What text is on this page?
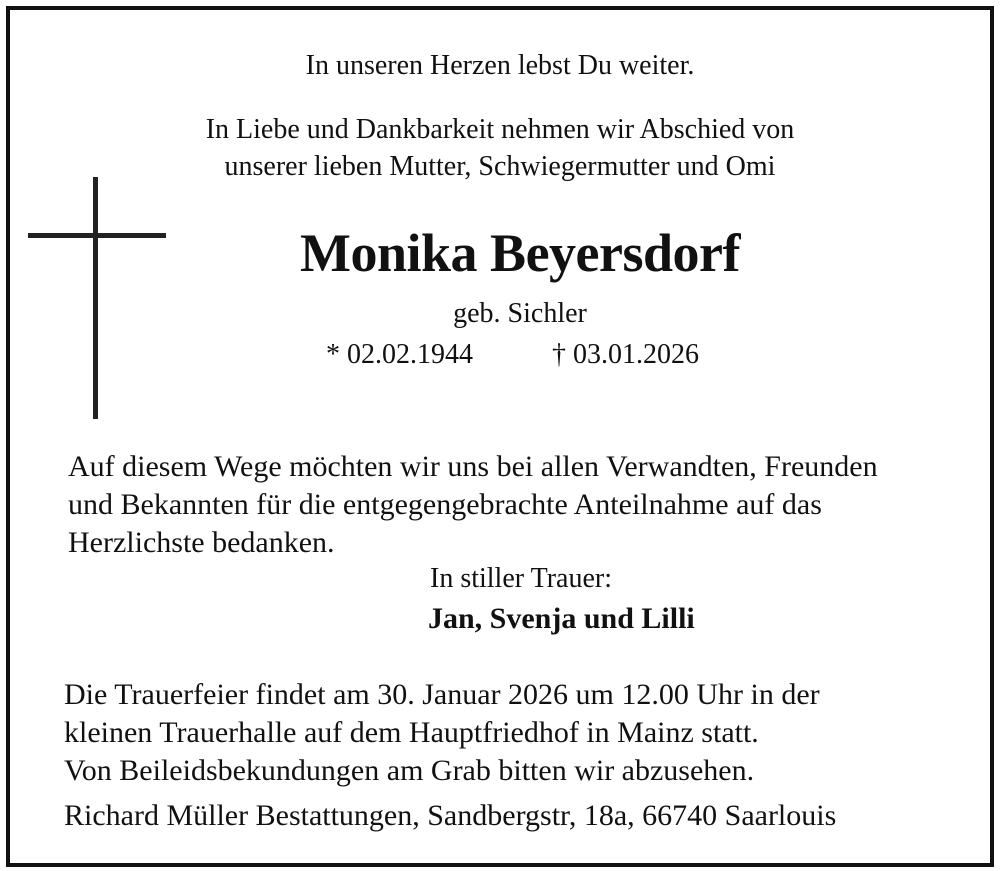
In unseren Herzen lebst Du weiter.
In Liebe und Dankbarkeit nehmen wir Abschied von
unserer lieben Mutter, Schwiegermutter und Omi
Monika Beyersdorf
geb. Sichler
* 02.02.1944	† 03.01.2026
Auf diesem Wege möchten wir uns bei allen Verwandten, Freunden
und Bekannten für die entgegengebrachte Anteilnahme auf das
Herzlichste bedanken.
In stiller Trauer:
Jan, Svenja und Lilli
Die Trauerfeier findet am 30. Januar 2026 um 12.00 Uhr in der
kleinen Trauerhalle auf dem Hauptfriedhof in Mainz statt.
Von Beileidsbekundungen am Grab bitten wir abzusehen.
Richard Müller Bestattungen, Sandbergstr, 18a, 66740 Saarlouis
